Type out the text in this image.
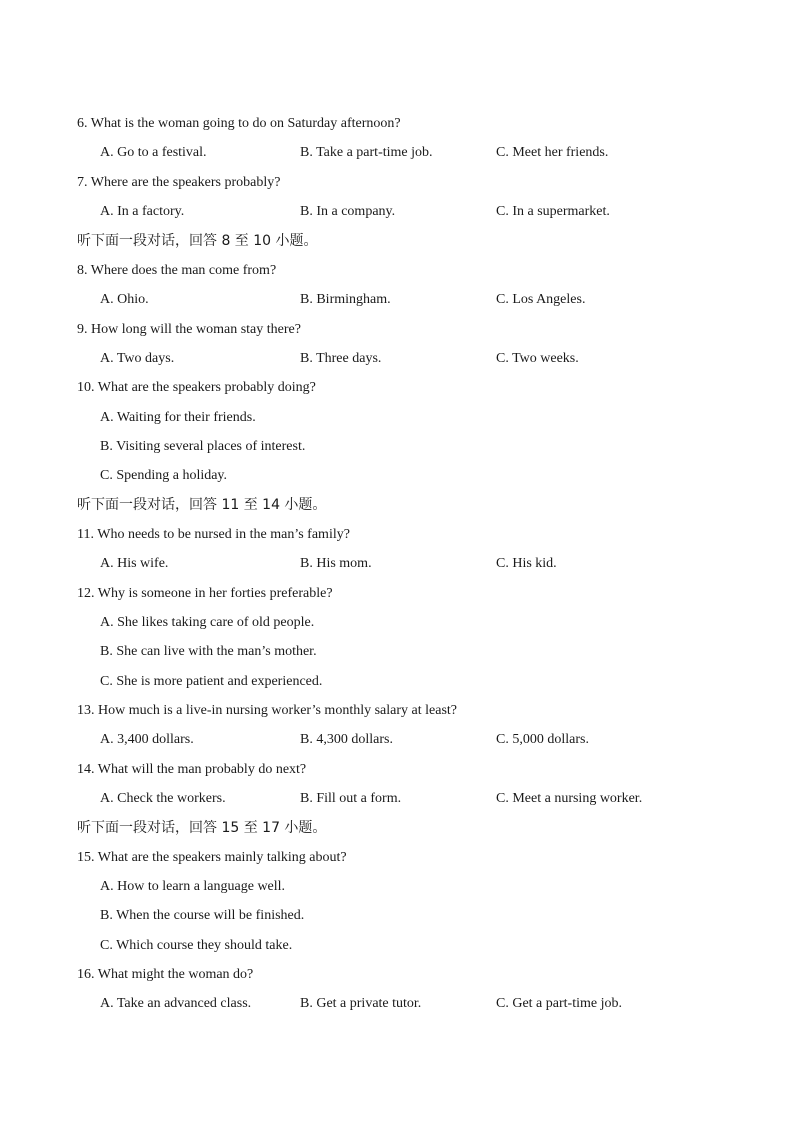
6. What is the woman going to do on Saturday afternoon?
A. Go to a festival.	B. Take a part-time job.	C. Meet her friends.
7. Where are the speakers probably?
A. In a factory.	B. In a company.	C. In a supermarket.
听下面一段对话，回答 8 至 10 小题。
8. Where does the man come from?
A. Ohio.	B. Birmingham.	C. Los Angeles.
9. How long will the woman stay there?
A. Two days.	B. Three days.	C. Two weeks.
10. What are the speakers probably doing?
A. Waiting for their friends.
B. Visiting several places of interest.
C. Spending a holiday.
听下面一段对话，回答 11 至 14 小题。
11. Who needs to be nursed in the man’s family?
A. His wife.	B. His mom.	C. His kid.
12. Why is someone in her forties preferable?
A. She likes taking care of old people.
B. She can live with the man’s mother.
C. She is more patient and experienced.
13. How much is a live-in nursing worker’s monthly salary at least?
A. 3,400 dollars.	B. 4,300 dollars.	C. 5,000 dollars.
14. What will the man probably do next?
A. Check the workers.	B. Fill out a form.	C. Meet a nursing worker.
听下面一段对话，回答 15 至 17 小题。
15. What are the speakers mainly talking about?
A. How to learn a language well.
B. When the course will be finished.
C. Which course they should take.
16. What might the woman do?
A. Take an advanced class.	B. Get a private tutor.	C. Get a part-time job.
